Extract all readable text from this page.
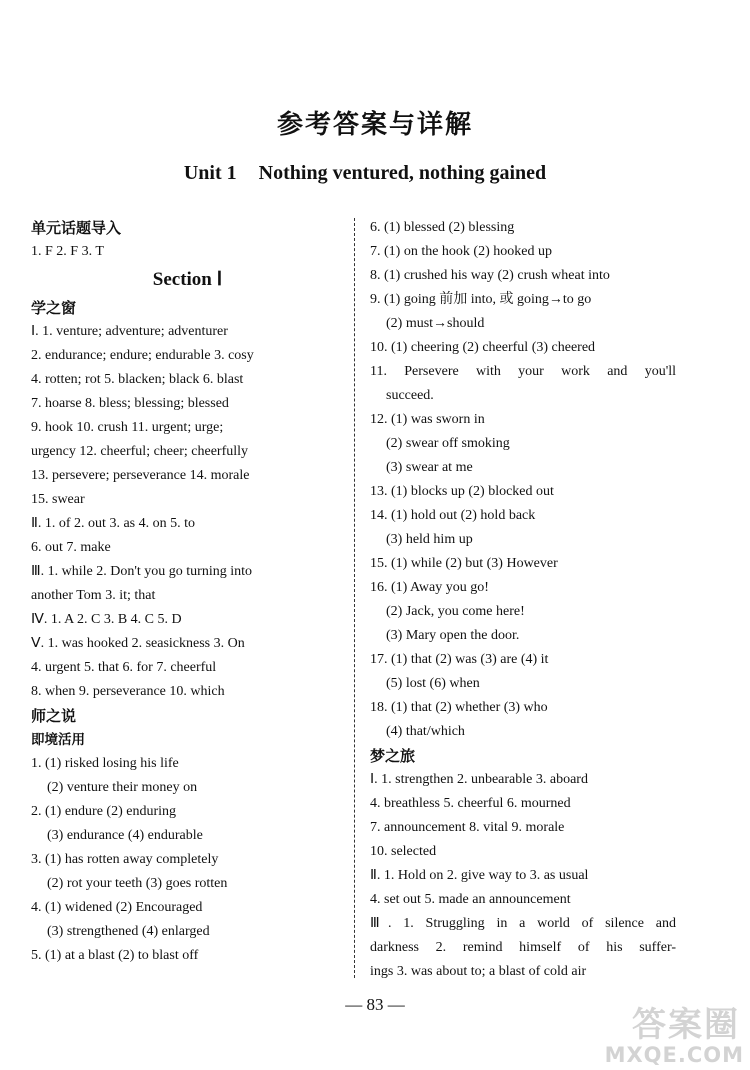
参考答案与详解
Unit 1 Nothing ventured, nothing gained
单元话题导入
1. F 2. F 3. T
Section Ⅰ
学之窗
Ⅰ. 1. venture; adventure; adventurer
2. endurance; endure; endurable 3. cosy
4. rotten; rot 5. blacken; black 6. blast
7. hoarse 8. bless; blessing; blessed
9. hook 10. crush 11. urgent; urge;
urgency 12. cheerful; cheer; cheerfully
13. persevere; perseverance 14. morale
15. swear
Ⅱ. 1. of 2. out 3. as 4. on 5. to
6. out 7. make
Ⅲ. 1. while 2. Don't you go turning into
another Tom 3. it; that
Ⅳ. 1. A 2. C 3. B 4. C 5. D
Ⅴ. 1. was hooked 2. seasickness 3. On
4. urgent 5. that 6. for 7. cheerful
8. when 9. perseverance 10. which
师之说
即境活用
1. (1) risked losing his life
(2) venture their money on
2. (1) endure (2) enduring
(3) endurance (4) endurable
3. (1) has rotten away completely
(2) rot your teeth (3) goes rotten
4. (1) widened (2) Encouraged
(3) strengthened (4) enlarged
5. (1) at a blast (2) to blast off
6. (1) blessed (2) blessing
7. (1) on the hook (2) hooked up
8. (1) crushed his way (2) crush wheat into
9. (1) going 前加 into, 或 going→to go
(2) must→should
10. (1) cheering (2) cheerful (3) cheered
11. Persevere with your work and you'll
succeed.
12. (1) was sworn in
(2) swear off smoking
(3) swear at me
13. (1) blocks up (2) blocked out
14. (1) hold out (2) hold back
(3) held him up
15. (1) while (2) but (3) However
16. (1) Away you go!
(2) Jack, you come here!
(3) Mary open the door.
17. (1) that (2) was (3) are (4) it
(5) lost (6) when
18. (1) that (2) whether (3) who
(4) that/which
梦之旅
Ⅰ. 1. strengthen 2. unbearable 3. aboard
4. breathless 5. cheerful 6. mourned
7. announcement 8. vital 9. morale
10. selected
Ⅱ. 1. Hold on 2. give way to 3. as usual
4. set out 5. made an announcement
Ⅲ. 1. Struggling in a world of silence and
darkness 2. remind himself of his suffer-
ings 3. was about to; a blast of cold air
— 83 —
答案圈
MXQE.COM
